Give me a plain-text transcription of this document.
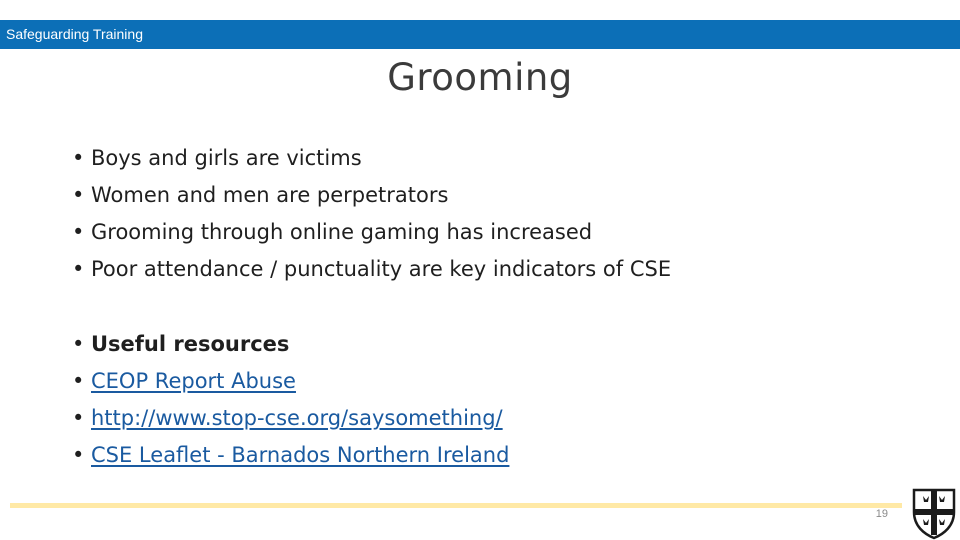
Safeguarding Training
Grooming
• Boys and girls are victims
• Women and men are perpetrators
• Grooming through online gaming has increased
• Poor attendance / punctuality are key indicators of CSE
• Useful resources
• CEOP Report Abuse
• http://www.stop-cse.org/saysomething/
• CSE Leaflet - Barnados Northern Ireland
19
